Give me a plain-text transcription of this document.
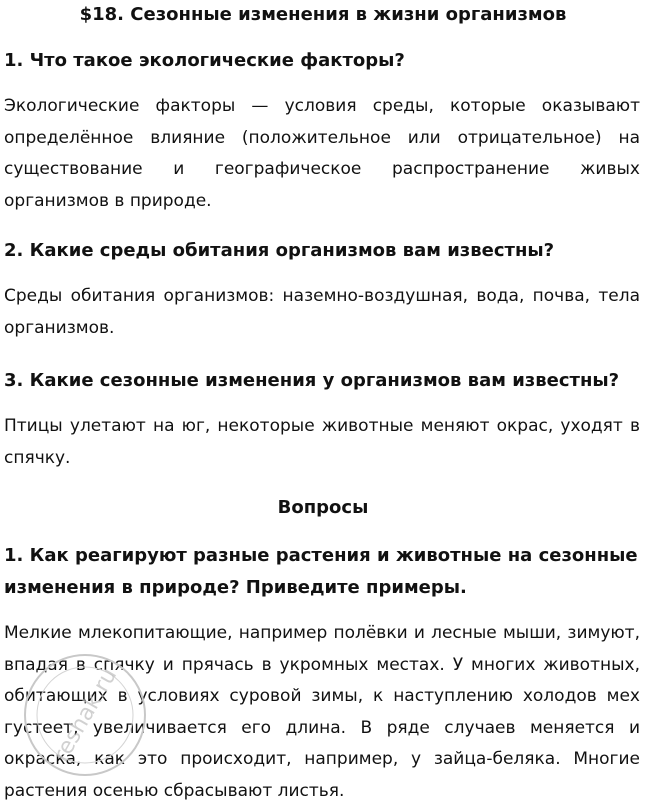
$18. Сезонные изменения в жизни организмов
1. Что такое экологические факторы?

Экологические факторы — условия среды, которые оказывают определённое влияние (положительное или отрицательное) на существование и географическое распространение живых организмов в природе.

2. Какие среды обитания организмов вам известны?

Среды обитания организмов: наземно-воздушная, вода, почва, тела организмов.

3. Какие сезонные изменения у организмов вам известны?

Птицы улетают на юг, некоторые животные меняют окрас, уходят в спячку.

Вопросы
1. Как реагируют разные растения и животные на сезонные изменения в природе? Приведите примеры.

Мелкие млекопитающие, например полёвки и лесные мыши, зимуют, впадая в спячку и прячась в укромных местах. У многих животных, обитающих в условиях суровой зимы, к наступлению холодов мех густеет, увеличивается его длина. В ряде случаев меняется и окраска, как это происходит, например, у зайца-беляка. Многие растения осенью сбрасывают листья.

reshak.ru
